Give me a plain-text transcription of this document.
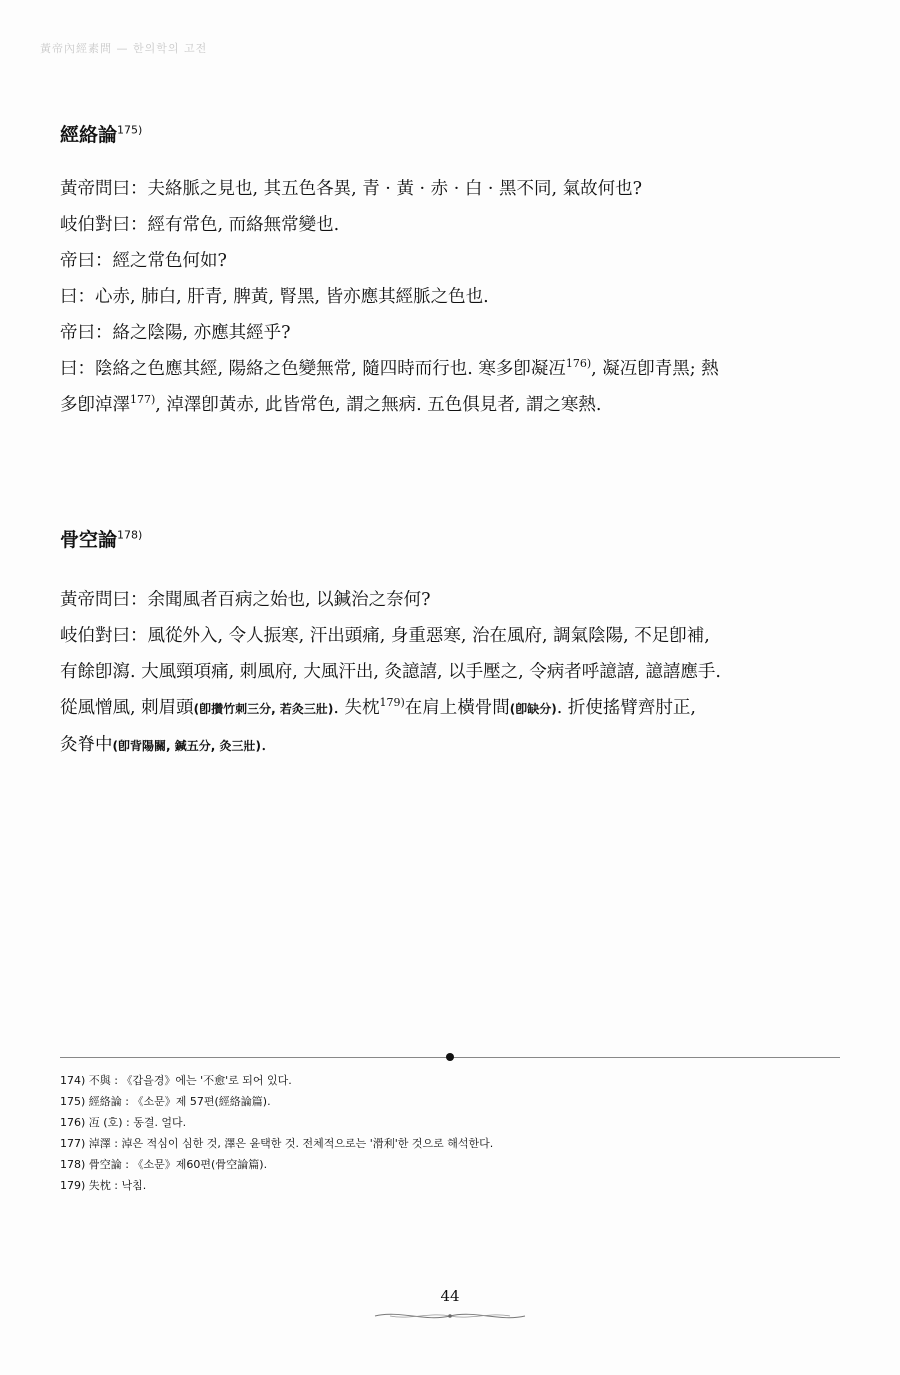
黃帝內經素問 — 한의학의 고전

經絡論$^{175)}$

黃帝問曰：夫絡脈之見也, 其五色各異, 青 · 黃 · 赤 · 白 · 黑不同, 氣故何也?
岐伯對曰：經有常色, 而絡無常變也.
帝曰：經之常色何如?
曰：心赤, 肺白, 肝青, 脾黃, 腎黑, 皆亦應其經脈之色也.
帝曰：絡之陰陽, 亦應其經乎?
曰：陰絡之色應其經, 陽絡之色變無常, 隨四時而行也. 寒多卽凝冱$^{176)}$, 凝冱卽青黑; 熱
多卽淖澤$^{177)}$, 淖澤卽黃赤, 此皆常色, 謂之無病. 五色俱見者, 謂之寒熱.

骨空論$^{178)}$

黃帝問曰：余聞風者百病之始也, 以鍼治之奈何?
岐伯對曰：風從外入, 令人振寒, 汗出頭痛, 身重惡寒, 治在風府, 調氣陰陽, 不足卽補,
有餘卽瀉. 大風頸項痛, 刺風府, 大風汗出, 灸譩譆, 以手壓之, 令病者呼譩譆, 譩譆應手.
從風憎風, 刺眉頭(卽攢竹刺三分, 若灸三壯). 失枕$^{179)}$在肩上橫骨間(卽缺分). 折使搖臂齊肘正,
灸脊中(卽背陽關, 鍼五分, 灸三壯).
174) 不與 : 《갑을경》에는 '不愈'로 되어 있다.
175) 經絡論 : 《소문》제 57편(經絡論篇).
176) 冱 (호) : 동결. 얼다.
177) 淖澤 : 淖은 적심이 심한 것, 澤은 윤택한 것. 전체적으로는 '滑利'한 것으로 해석한다.
178) 骨空論 : 《소문》제60편(骨空論篇).
179) 失枕 : 낙침.
44
